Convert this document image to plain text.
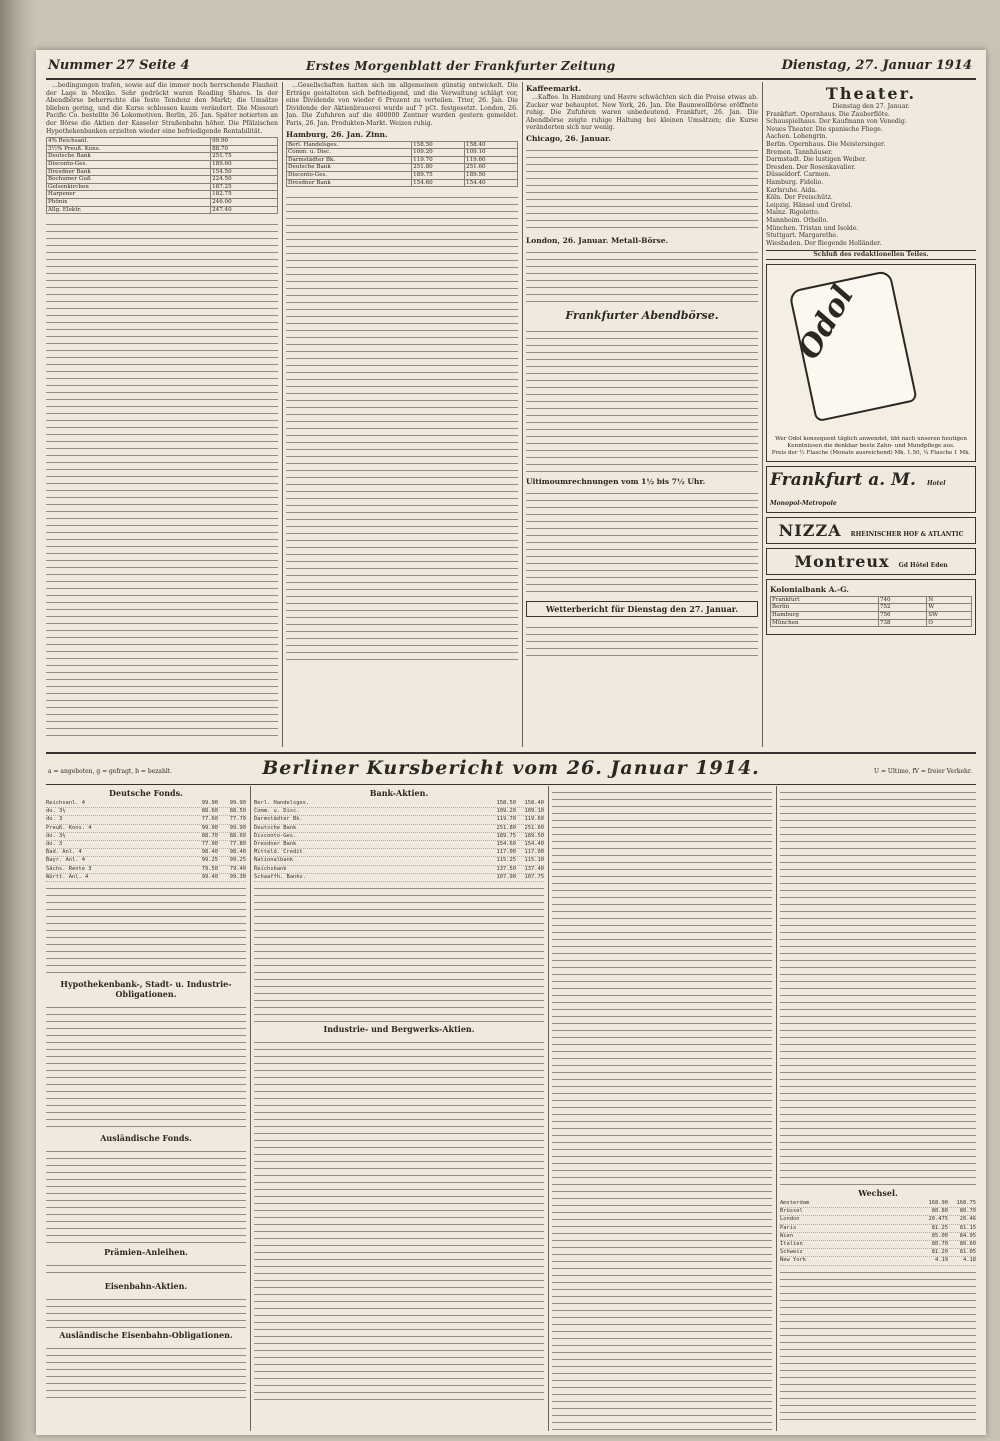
Nummer 27 Seite 4	Erstes Morgenblatt der Frankfurter Zeitung	Dienstag, 27. Januar 1914

...bedingungen trafen, sowie auf die immer noch herrschende Flauheit der Lage in Mexiko. Sehr gedrückt waren Reading Shares. In der Abendbörse beherrschte die feste Tendenz den Markt; die Umsätze blieben gering, und die Kurse schlossen kaum verändert. Die Missouri Pacific Co. bestellte 36 Lokomotiven. Berlin, 26. Jan. Später notierten an der Börse die Aktien der Kasseler Straßenbahn höher. Die Pfälzischen Hypothekenbanken erzielten wieder eine befriedigende Rentabilität.

4% Reichsanl.	99.90
3½% Preuß. Kons.	88.70
Deutsche Bank	251.75
Disconto-Ges.	189.60
Dresdner Bank	154.50
Bochumer Guß	224.50
Gelsenkirchen	187.25
Harpener	182.75
Phönix	246.00
Allg. Elektr.	247.40

...Gesellschaften hatten sich im allgemeinen günstig entwickelt. Die Erträge gestalteten sich befriedigend, und die Verwaltung schlägt vor, eine Dividende von wieder 6 Prozent zu verteilen. Trier, 26. Jan. Die Dividende der Aktienbrauerei wurde auf 7 pCt. festgesetzt. London, 26. Jan. Die Zufuhren auf die 400000 Zentner wurden gestern gemeldet. Paris, 26. Jan. Produkten-Markt. Weizen ruhig.

Hamburg, 26. Jan. Zinn.
Berl. Handelsges.	158.50	158.40
Comm. u. Disc.	109.20	109.10
Darmstädter Bk.	119.70	119.60
Deutsche Bank	251.80	251.60
Disconto-Ges.	189.75	189.50
Dresdner Bank	154.60	154.40
Kaffeemarkt.

...Kaffee. In Hamburg und Havre schwächten sich die Preise etwas ab. Zucker war behauptet. New York, 26. Jan. Die Baumwollbörse eröffnete ruhig. Die Zufuhren waren unbedeutend. Frankfurt, 26. Jan. Die Abendbörse zeigte ruhige Haltung bei kleinen Umsätzen; die Kurse veränderten sich nur wenig.

Chicago, 26. Januar.
London, 26. Januar. Metall-Börse.
Frankfurter Abendbörse.
Ultimoumrechnungen vom 1½ bis 7½ Uhr.
Wetterbericht für Dienstag den 27. Januar.
Theater.
Dienstag den 27. Januar.
Frankfurt. Opernhaus. Die Zauberflöte.
Schauspielhaus. Der Kaufmann von Venedig.
Neues Theater. Die spanische Fliege.
Aachen. Lohengrin.
Berlin. Opernhaus. Die Meistersinger.
Bremen. Tannhäuser.
Darmstadt. Die lustigen Weiber.
Dresden. Der Rosenkavalier.
Düsseldorf. Carmen.
Hamburg. Fidelio.
Karlsruhe. Aida.
Köln. Der Freischütz.
Leipzig. Hänsel und Gretel.
Mainz. Rigoletto.
Mannheim. Othello.
München. Tristan und Isolde.
Stuttgart. Margarethe.
Wiesbaden. Der fliegende Holländer.
Schluß des redaktionellen Teiles.
Odol
Wer Odol konsequent täglich anwendet, übt nach unseren heutigen Kenntnissen die denkbar beste Zahn- und Mundpflege aus.
Preis der ½ Flasche (Monate ausreichend) Mk. 1.50, ¼ Flasche 1 Mk.
Frankfurt a. M. Hotel Monopol-Metropole
NIZZA RHEINISCHER HOF & ATLANTIC
Montreux Gd Hôtel Eden
Kolonialbank A.-G.
Frankfurt	740	N
Berlin	752	W
Hamburg	756	SW
München	738	O
a = angeboten, g = gefragt, b = bezahlt.	Berliner Kursbericht vom 26. Januar 1914.	U = Ultimo, fV = freier Verkehr.
Deutsche Fonds.
Reichsanl. 4	99.90	99.90
do. 3½	88.60	88.50
do. 3	77.60	77.70
Preuß. Kons. 4	99.90	99.90
do. 3½	88.70	88.60
do. 3	77.90	77.80
Bad. Anl. 4	98.40	98.40
Bayr. Anl. 4	99.25	99.25
Sächs. Rente 3	79.50	79.40
Württ. Anl. 4	99.40	99.30
Hypothekenbank-, Stadt- u. Industrie-Obligationen.
Ausländische Fonds.
Prämien-Anleihen.
Eisenbahn-Aktien.
Ausländische Eisenbahn-Obligationen.
Bank-Aktien.
Berl. Handelsges.	158.50	158.40
Comm. u. Disc.	109.20	109.10
Darmstädter Bk.	119.70	119.60
Deutsche Bank	251.80	251.60
Disconto-Ges.	189.75	189.50
Dresdner Bank	154.60	154.40
Mitteld. Credit	117.00	117.00
Nationalbank	115.25	115.10
Reichsbank	137.50	137.40
Schaaffh. Bankv.	107.90	107.75
Industrie- und Bergwerks-Aktien.
Wechsel.
Amsterdam	168.90	168.75
Brüssel	80.80	80.70
London	20.475	20.46
Paris	81.25	81.15
Wien	85.00	84.95
Italien	80.70	80.60
Schweiz	81.20	81.05
New York	4.19	4.18
